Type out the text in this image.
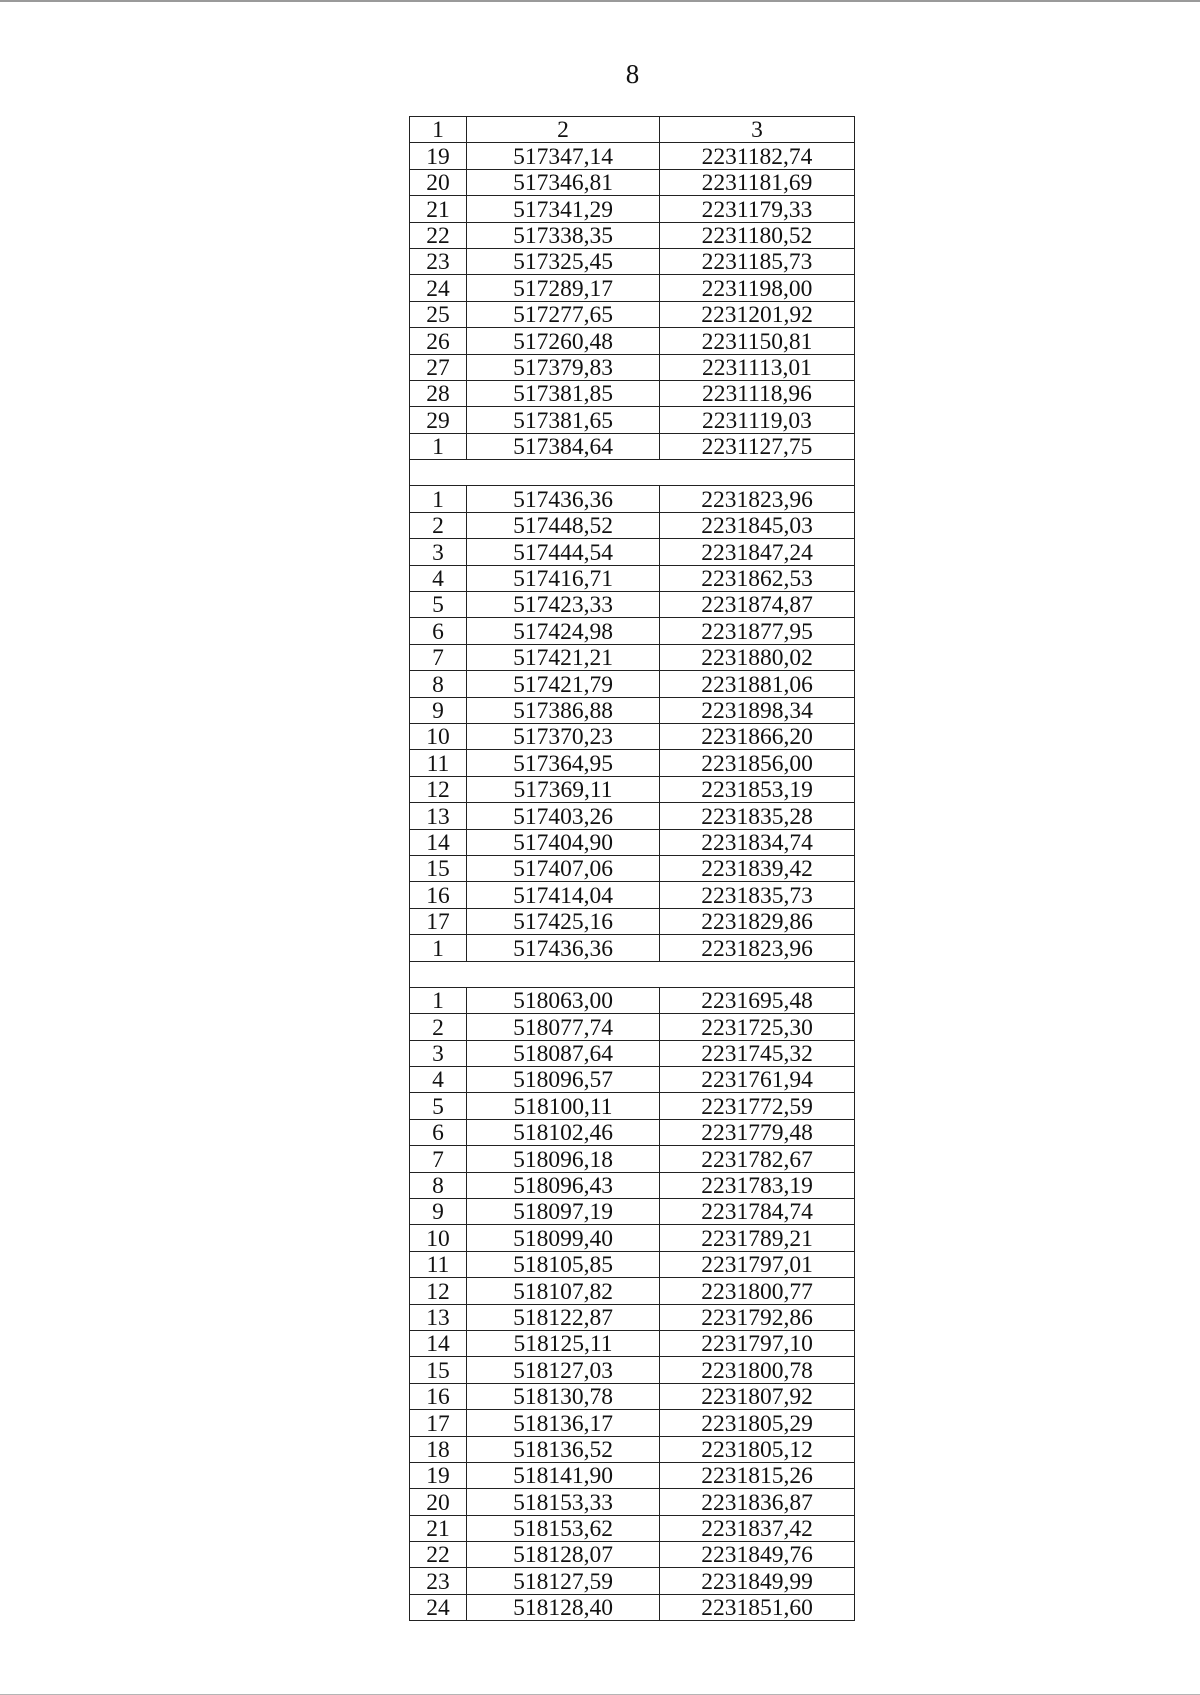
8
1	2	3
19	517347,14	2231182,74
20	517346,81	2231181,69
21	517341,29	2231179,33
22	517338,35	2231180,52
23	517325,45	2231185,73
24	517289,17	2231198,00
25	517277,65	2231201,92
26	517260,48	2231150,81
27	517379,83	2231113,01
28	517381,85	2231118,96
29	517381,65	2231119,03
1	517384,64	2231127,75

1	517436,36	2231823,96
2	517448,52	2231845,03
3	517444,54	2231847,24
4	517416,71	2231862,53
5	517423,33	2231874,87
6	517424,98	2231877,95
7	517421,21	2231880,02
8	517421,79	2231881,06
9	517386,88	2231898,34
10	517370,23	2231866,20
11	517364,95	2231856,00
12	517369,11	2231853,19
13	517403,26	2231835,28
14	517404,90	2231834,74
15	517407,06	2231839,42
16	517414,04	2231835,73
17	517425,16	2231829,86
1	517436,36	2231823,96

1	518063,00	2231695,48
2	518077,74	2231725,30
3	518087,64	2231745,32
4	518096,57	2231761,94
5	518100,11	2231772,59
6	518102,46	2231779,48
7	518096,18	2231782,67
8	518096,43	2231783,19
9	518097,19	2231784,74
10	518099,40	2231789,21
11	518105,85	2231797,01
12	518107,82	2231800,77
13	518122,87	2231792,86
14	518125,11	2231797,10
15	518127,03	2231800,78
16	518130,78	2231807,92
17	518136,17	2231805,29
18	518136,52	2231805,12
19	518141,90	2231815,26
20	518153,33	2231836,87
21	518153,62	2231837,42
22	518128,07	2231849,76
23	518127,59	2231849,99
24	518128,40	2231851,60
